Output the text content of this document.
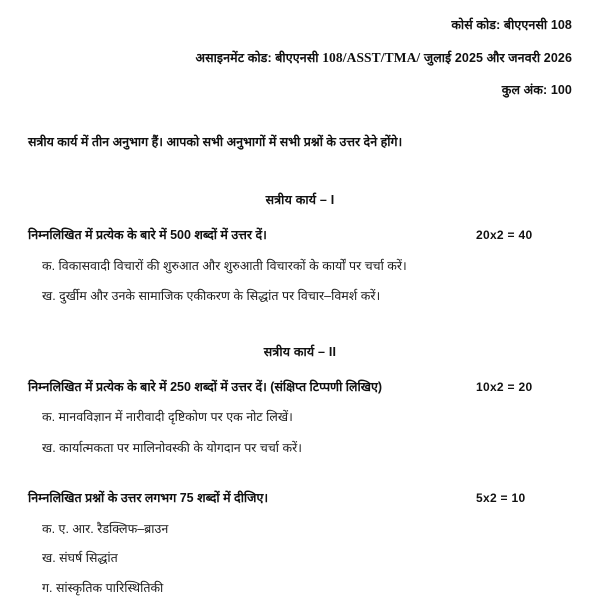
कोर्स कोड: बीएएनसी 108
असाइनमेंट कोड: बीएएनसी 108/ASST/TMA/ जुलाई 2025 और जनवरी 2026
कुल अंक: 100
सत्रीय कार्य में तीन अनुभाग हैं। आपको सभी अनुभागों में सभी प्रश्नों के उत्तर देने होंगे।
सत्रीय कार्य – I
निम्नलिखित में प्रत्येक के बारे में 500 शब्दों में उत्तर दें।	20x2 = 40
क. विकासवादी विचारों की शुरुआत और शुरुआती विचारकों के कार्यों पर चर्चा करें।
ख. दुर्खीम और उनके सामाजिक एकीकरण के सिद्धांत पर विचार–विमर्श करें।
सत्रीय कार्य – II
निम्नलिखित में प्रत्येक के बारे में 250 शब्दों में उत्तर दें। (संक्षिप्त टिप्पणी लिखिए)	10x2 = 20
क. मानवविज्ञान में नारीवादी दृष्टिकोण पर एक नोट लिखें।
ख. कार्यात्मकता पर मालिनोवस्की के योगदान पर चर्चा करें।
निम्नलिखित प्रश्नों के उत्तर लगभग 75 शब्दों में दीजिए।	5x2 = 10
क. ए. आर. रैडक्लिफ–ब्राउन
ख. संघर्ष सिद्धांत
ग. सांस्कृतिक पारिस्थितिकी
